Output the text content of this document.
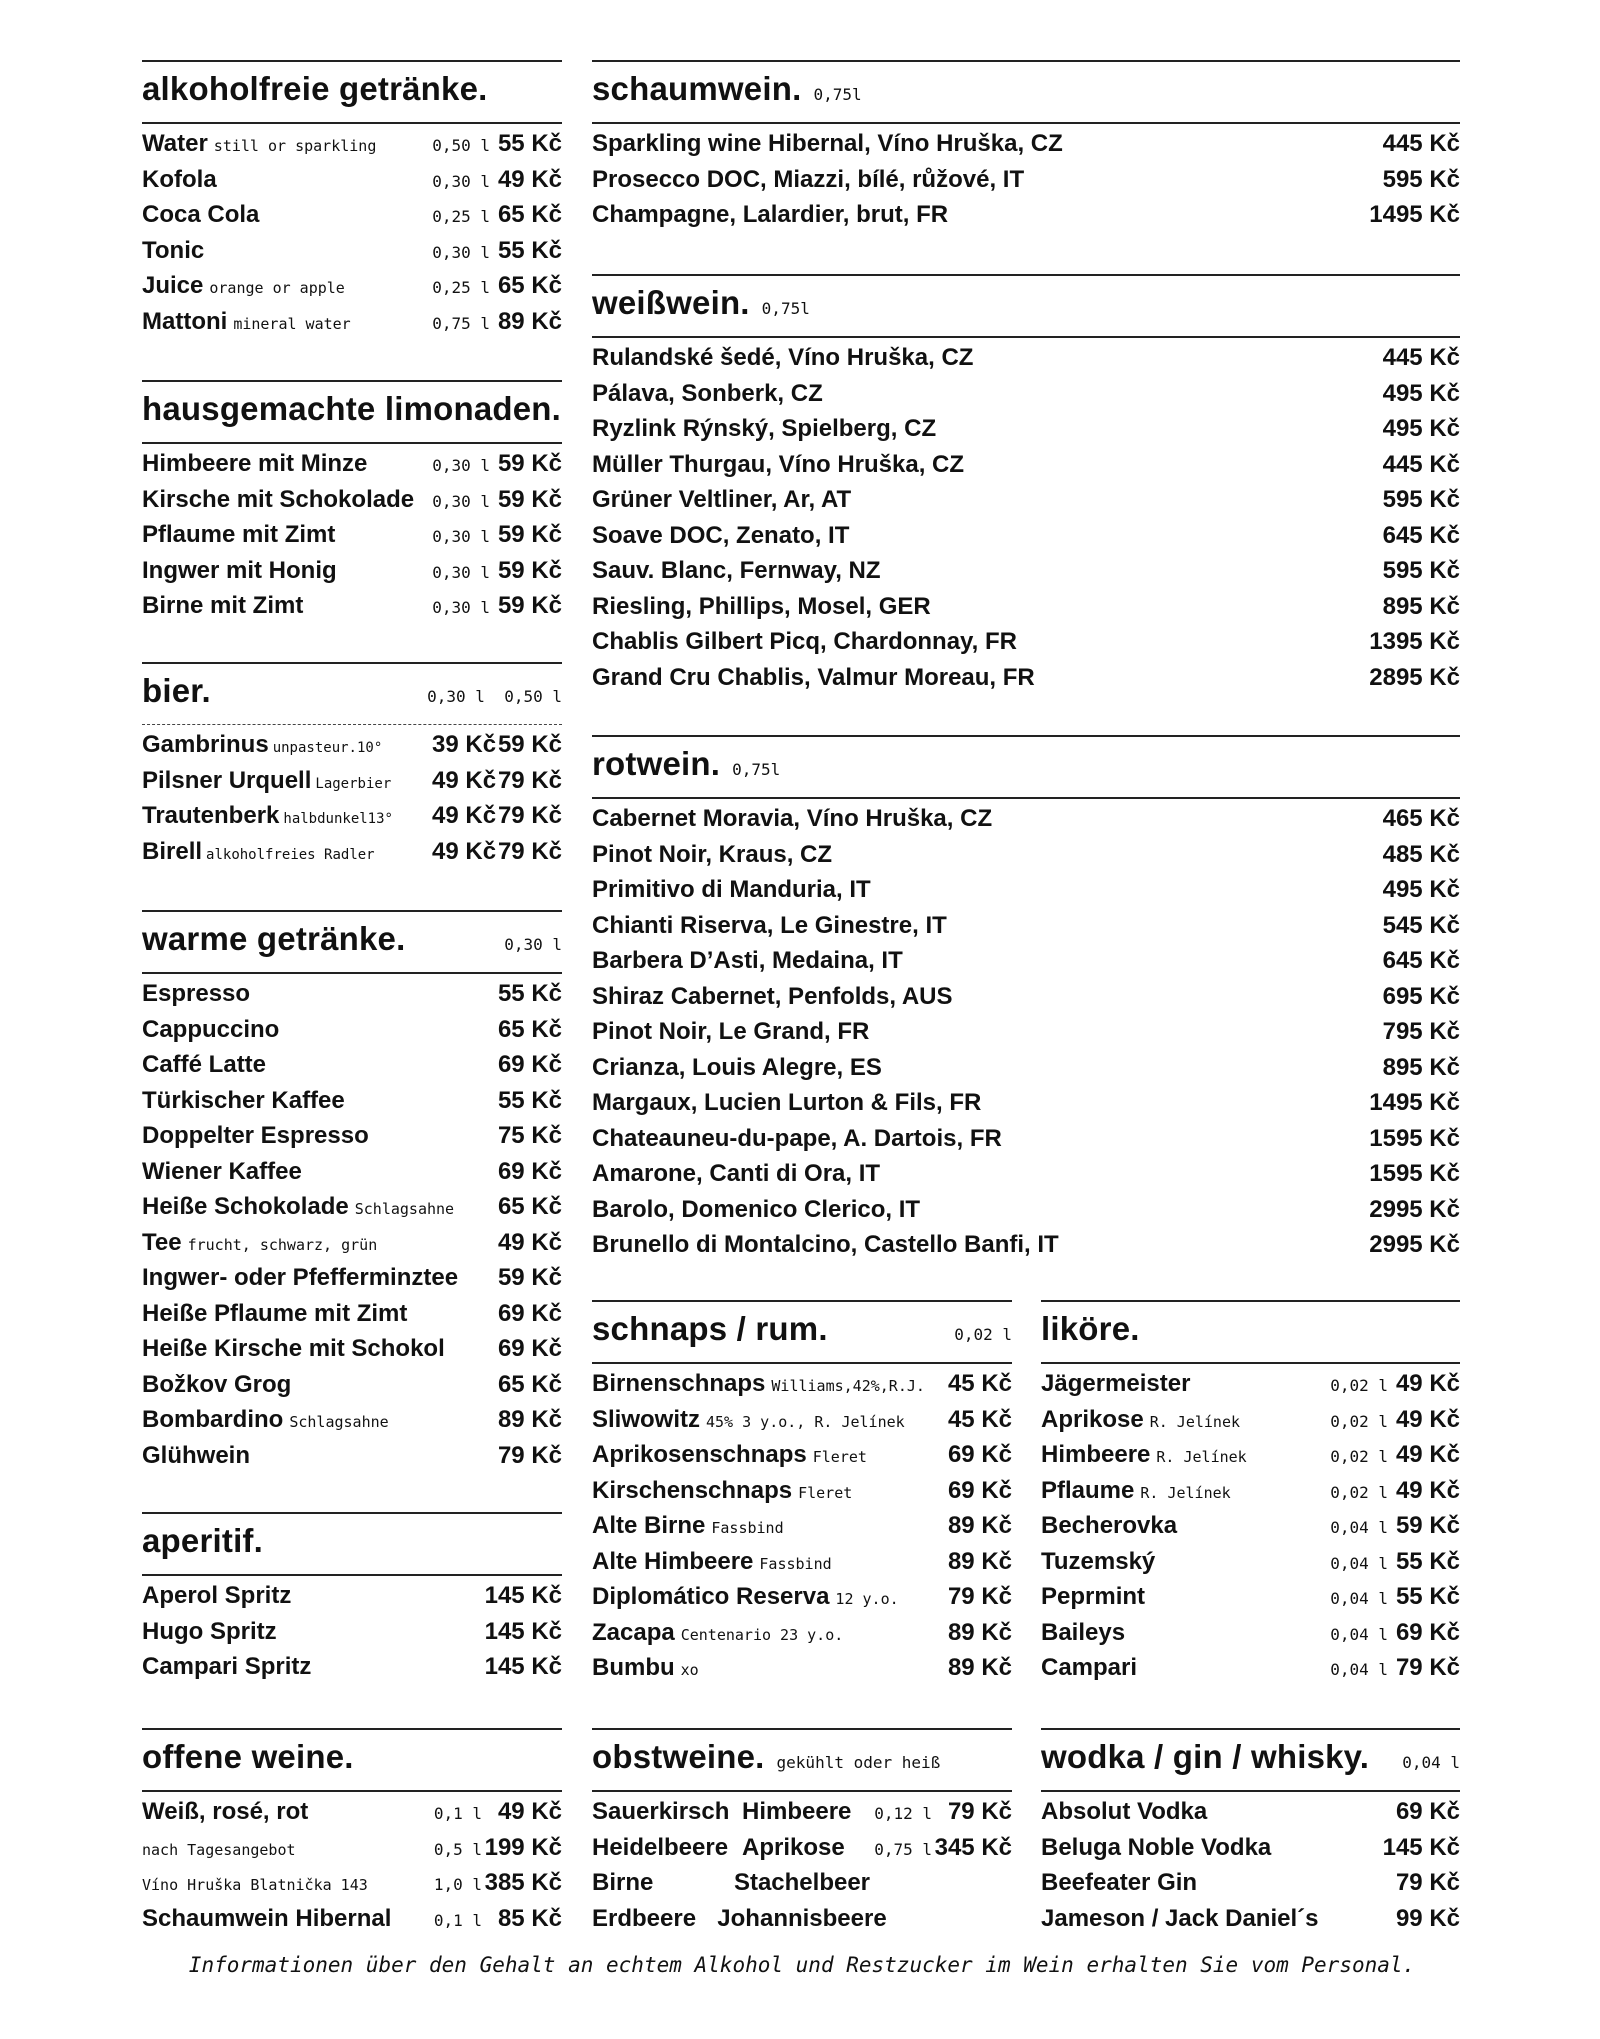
alkoholfreie getränke.
Water still or sparkling	0,50 l 55 Kč
Kofola	0,30 l 49 Kč
Coca Cola	0,25 l 65 Kč
Tonic	0,30 l 55 Kč
Juice orange or apple	0,25 l 65 Kč
Mattoni mineral water	0,75 l 89 Kč
hausgemachte limonaden.
Himbeere mit Minze	0,30 l 59 Kč
Kirsche mit Schokolade	0,30 l 59 Kč
Pflaume mit Zimt	0,30 l 59 Kč
Ingwer mit Honig	0,30 l 59 Kč
Birne mit Zimt	0,30 l 59 Kč
bier.	0,30 l  0,50 l
Gambrinus unpasteur.10°	39 Kč 59 Kč
Pilsner Urquell Lagerbier	49 Kč 79 Kč
Trautenberk halbdunkel13°	49 Kč 79 Kč
Birell alkoholfreies Radler	49 Kč 79 Kč
warme getränke.	0,30 l
Espresso	55 Kč
Cappuccino	65 Kč
Caffé Latte	69 Kč
Türkischer Kaffee	55 Kč
Doppelter Espresso	75 Kč
Wiener Kaffee	69 Kč
Heiße Schokolade Schlagsahne	65 Kč
Tee frucht, schwarz, grün	49 Kč
Ingwer- oder Pfefferminztee	59 Kč
Heiße Pflaume mit Zimt	69 Kč
Heiße Kirsche mit Schokol	69 Kč
Božkov Grog	65 Kč
Bombardino Schlagsahne	89 Kč
Glühwein	79 Kč
aperitif.
Aperol Spritz	145 Kč
Hugo Spritz	145 Kč
Campari Spritz	145 Kč
offene weine.
Weiß, rosé, rot	0,1 l 49 Kč
nach Tagesangebot	0,5 l 199 Kč
Víno Hruška Blatnička 143	1,0 l 385 Kč
Schaumwein Hibernal	0,1 l 85 Kč
schaumwein. 0,75l
Sparkling wine Hibernal, Víno Hruška, CZ	445 Kč
Prosecco DOC, Miazzi, bílé, růžové, IT	595 Kč
Champagne, Lalardier, brut, FR	1495 Kč
weißwein. 0,75l
Rulandské šedé, Víno Hruška, CZ	445 Kč
Pálava, Sonberk, CZ	495 Kč
Ryzlink Rýnský, Spielberg, CZ	495 Kč
Müller Thurgau, Víno Hruška, CZ	445 Kč
Grüner Veltliner, Ar, AT	595 Kč
Soave DOC, Zenato, IT	645 Kč
Sauv. Blanc, Fernway, NZ	595 Kč
Riesling, Phillips, Mosel, GER	895 Kč
Chablis Gilbert Picq, Chardonnay, FR	1395 Kč
Grand Cru Chablis, Valmur Moreau, FR	2895 Kč
rotwein. 0,75l
Cabernet Moravia, Víno Hruška, CZ	465 Kč
Pinot Noir, Kraus, CZ	485 Kč
Primitivo di Manduria, IT	495 Kč
Chianti Riserva, Le Ginestre, IT	545 Kč
Barbera D’Asti, Medaina, IT	645 Kč
Shiraz Cabernet, Penfolds, AUS	695 Kč
Pinot Noir, Le Grand, FR	795 Kč
Crianza, Louis Alegre, ES	895 Kč
Margaux, Lucien Lurton & Fils, FR	1495 Kč
Chateauneu-du-pape, A. Dartois, FR	1595 Kč
Amarone, Canti di Ora, IT	1595 Kč
Barolo, Domenico Clerico, IT	2995 Kč
Brunello di Montalcino, Castello Banfi, IT	2995 Kč
schnaps / rum.	0,02 l
Birnenschnaps Williams,42%,R.J. 45 Kč
Sliwowitz 45% 3 y.o., R. Jelínek	45 Kč
Aprikosenschnaps Fleret	69 Kč
Kirschenschnaps Fleret	69 Kč
Alte Birne Fassbind	89 Kč
Alte Himbeere Fassbind	89 Kč
Diplomático Reserva 12 y.o.	79 Kč
Zacapa Centenario 23 y.o.	89 Kč
Bumbu xo	89 Kč
liköre.
Jägermeister	0,02 l 49 Kč
Aprikose R. Jelínek	0,02 l 49 Kč
Himbeere R. Jelínek	0,02 l 49 Kč
Pflaume R. Jelínek	0,02 l 49 Kč
Becherovka	0,04 l 59 Kč
Tuzemský	0,04 l 55 Kč
Peprmint	0,04 l 55 Kč
Baileys	0,04 l 69 Kč
Campari	0,04 l 79 Kč
obstweine. gekühlt oder heiß
Sauerkirsch Himbeere	0,12 l 79 Kč
Heidelbeere Aprikose	0,75 l 345 Kč
Birne	Stachelbeer
Erdbeere Johannisbeere
wodka / gin / whisky. 0,04 l
Absolut Vodka	69 Kč
Beluga Noble Vodka	145 Kč
Beefeater Gin	79 Kč
Jameson / Jack Daniel´s	99 Kč
Informationen über den Gehalt an echtem Alkohol und Restzucker im Wein erhalten Sie vom Personal.
